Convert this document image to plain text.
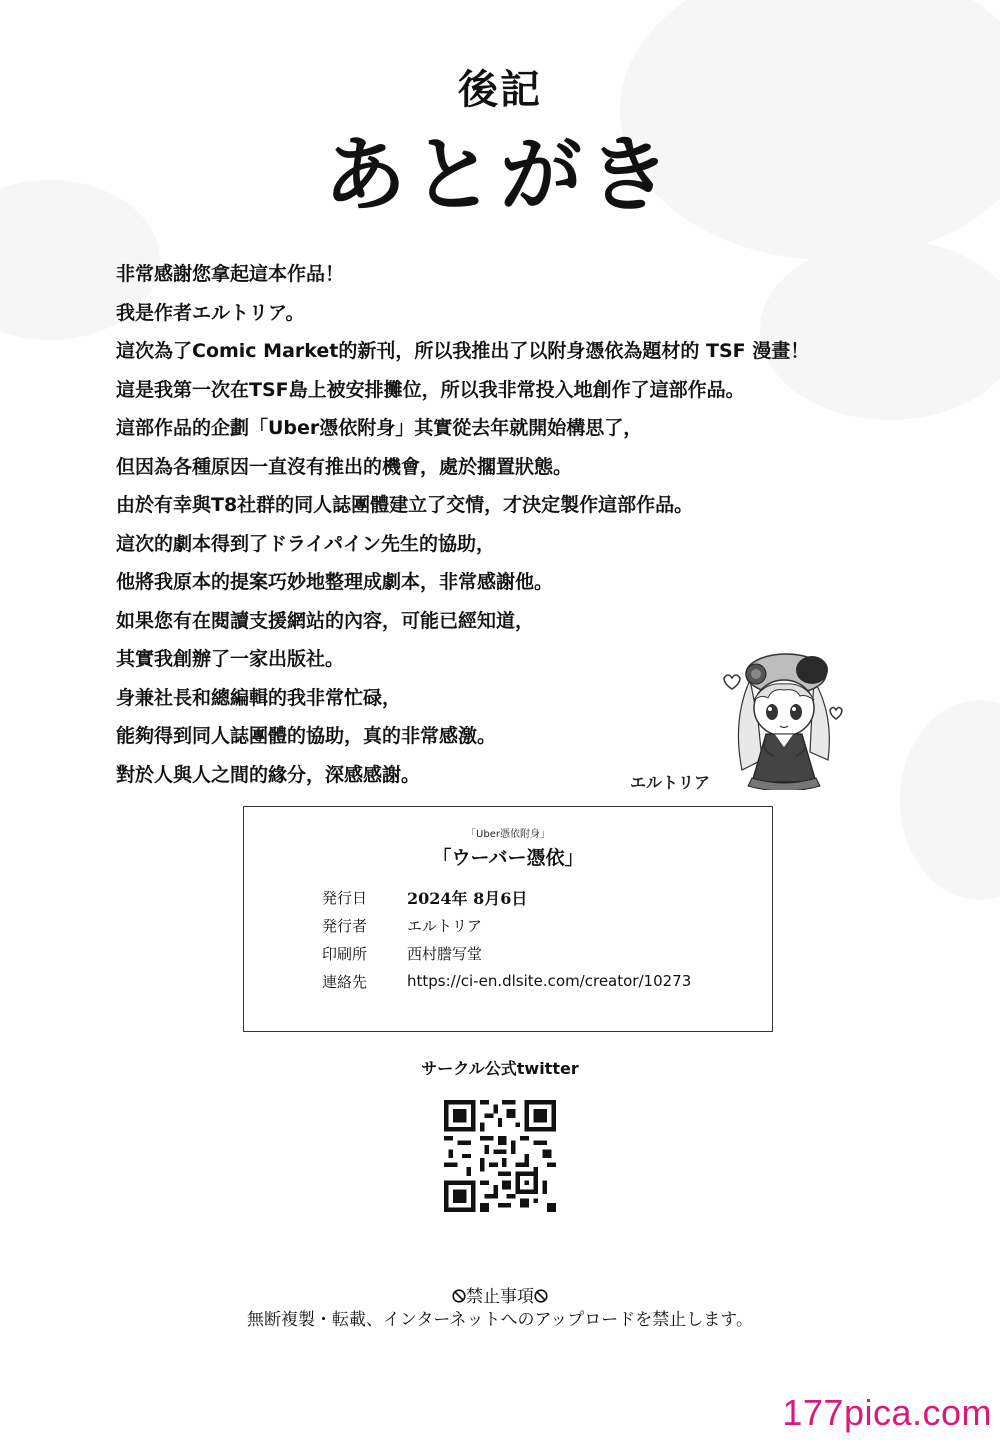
後記
あとがき
非常感謝您拿起這本作品！
我是作者エルトリア。
這次為了Comic Market的新刊，所以我推出了以附身憑依為題材的 TSF 漫畫！
這是我第一次在TSF島上被安排攤位，所以我非常投入地創作了這部作品。
這部作品的企劃「Uber憑依附身」其實從去年就開始構思了，
但因為各種原因一直沒有推出的機會，處於擱置狀態。
由於有幸與T8社群的同人誌團體建立了交情，才決定製作這部作品。
這次的劇本得到了ドライパイン先生的協助，
他將我原本的提案巧妙地整理成劇本，非常感謝他。
如果您有在閱讀支援網站的內容，可能已經知道，
其實我創辦了一家出版社。
身兼社長和總編輯的我非常忙碌，
能夠得到同人誌團體的協助，真的非常感激。
對於人與人之間的緣分，深感感謝。	エルトリア
「Uber憑依附身」
「ウーバー憑依」
発行日	2024年 8月6日
発行者	エルトリア
印刷所	西村謄写堂
連絡先	https://ci-en.dlsite.com/creator/10273
サークル公式twitter
禁止事項
無断複製・転載、インターネットへのアップロードを禁止します。
177pica.com
